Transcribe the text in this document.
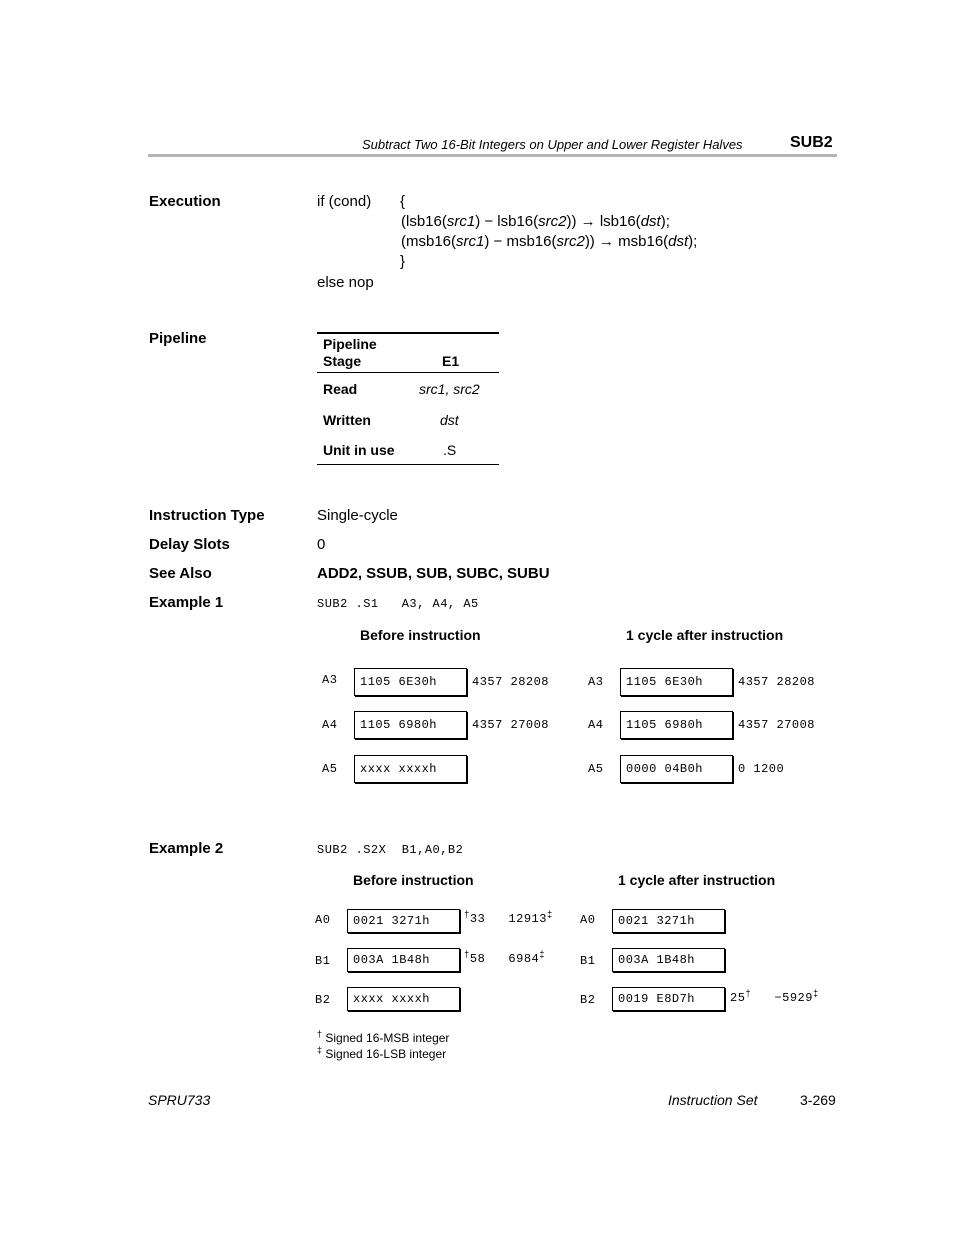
Subtract Two 16-Bit Integers on Upper and Lower Register Halves	SUB2
Execution	if (cond) {
(lsb16(src1) − lsb16(src2)) → lsb16(dst);
(msb16(src1) − msb16(src2)) → msb16(dst);
}
else nop
Pipeline	Pipeline
Stage	E1
Read	src1, src2
Written	dst
Unit in use	.S
Instruction Type	Single-cycle
Delay Slots	0
See Also	ADD2, SSUB, SUB, SUBC, SUBU
Example 1	SUB2 .S1   A3, A4, A5
Before instruction	1 cycle after instruction
A3 1105 6E30h	4357 28208
A4 1105 6980h	4357 27008
A5 xxxx xxxxh
A3 1105 6E30h	4357 28208
A4 1105 6980h	4357 27008
A5 0000 04B0h	0 1200
Example 2	SUB2 .S2X  B1,A0,B2
Before instruction	1 cycle after instruction
A0 0021 3271h	†33 12913‡
B1 003A 1B48h	†58 6984‡
B2 xxxx xxxxh
A0 0021 3271h
B1 003A 1B48h
B2 0019 E8D7h	25† −5929‡
† Signed 16-MSB integer
‡ Signed 16-LSB integer
SPRU733	Instruction Set	3-269
